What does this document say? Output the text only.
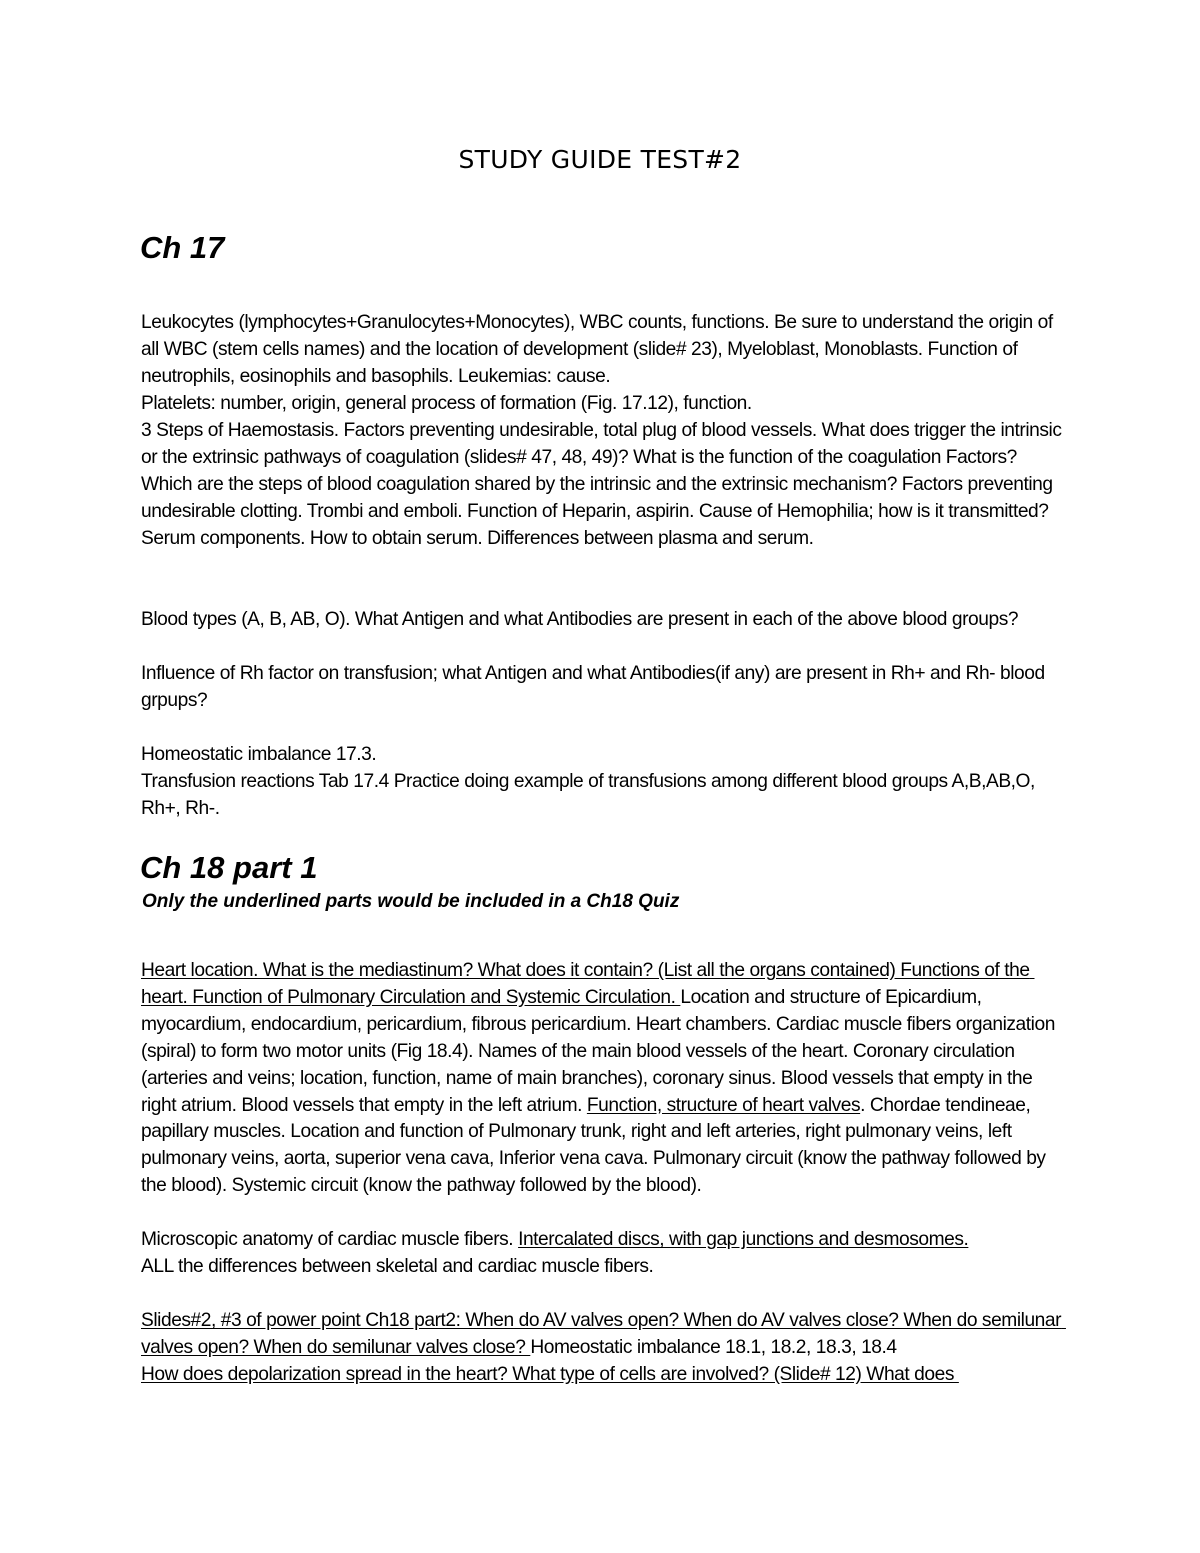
STUDY GUIDE TEST#2
Ch 17

Leukocytes (lymphocytes+Granulocytes+Monocytes), WBC counts, functions. Be sure to understand the origin of all WBC (stem cells names) and the location of development (slide# 23), Myeloblast, Monoblasts. Function of neutrophils, eosinophils and basophils. Leukemias: cause.

Platelets: number, origin, general process of formation (Fig. 17.12), function.

3 Steps of Haemostasis. Factors preventing undesirable, total plug of blood vessels. What does trigger the intrinsic or the extrinsic pathways of coagulation (slides# 47, 48, 49)? What is the function of the coagulation Factors? Which are the steps of blood coagulation shared by the intrinsic and the extrinsic mechanism? Factors preventing undesirable clotting. Trombi and emboli. Function of Heparin, aspirin. Cause of Hemophilia; how is it transmitted? Serum components. How to obtain serum. Differences between plasma and serum.

Blood types (A, B, AB, O). What Antigen and what Antibodies are present in each of the above blood groups?

Influence of Rh factor on transfusion; what Antigen and what Antibodies(if any) are present in Rh+ and Rh- blood grpups?

Homeostatic imbalance 17.3.

Transfusion reactions Tab 17.4 Practice doing example of transfusions among different blood groups A,B,AB,O, Rh+, Rh-.

Ch 18 part 1
Only the underlined parts would be included in a Ch18 Quiz

Heart location. What is the mediastinum? What does it contain? (List all the organs contained) Functions of the heart. Function of Pulmonary Circulation and Systemic Circulation. Location and structure of Epicardium, myocardium, endocardium, pericardium, fibrous pericardium. Heart chambers. Cardiac muscle fibers organization (spiral) to form two motor units (Fig 18.4). Names of the main blood vessels of the heart. Coronary circulation (arteries and veins; location, function, name of main branches), coronary sinus. Blood vessels that empty in the right atrium. Blood vessels that empty in the left atrium. Function, structure of heart valves. Chordae tendineae, papillary muscles. Location and function of Pulmonary trunk, right and left arteries, right pulmonary veins, left pulmonary veins, aorta, superior vena cava, Inferior vena cava. Pulmonary circuit (know the pathway followed by the blood). Systemic circuit (know the pathway followed by the blood).

Microscopic anatomy of cardiac muscle fibers. Intercalated discs, with gap junctions and desmosomes.

ALL the differences between skeletal and cardiac muscle fibers.

Slides#2, #3 of power point Ch18 part2: When do AV valves open? When do AV valves close? When do semilunar valves open? When do semilunar valves close? Homeostatic imbalance 18.1, 18.2, 18.3, 18.4

How does depolarization spread in the heart? What type of cells are involved? (Slide# 12) What does
